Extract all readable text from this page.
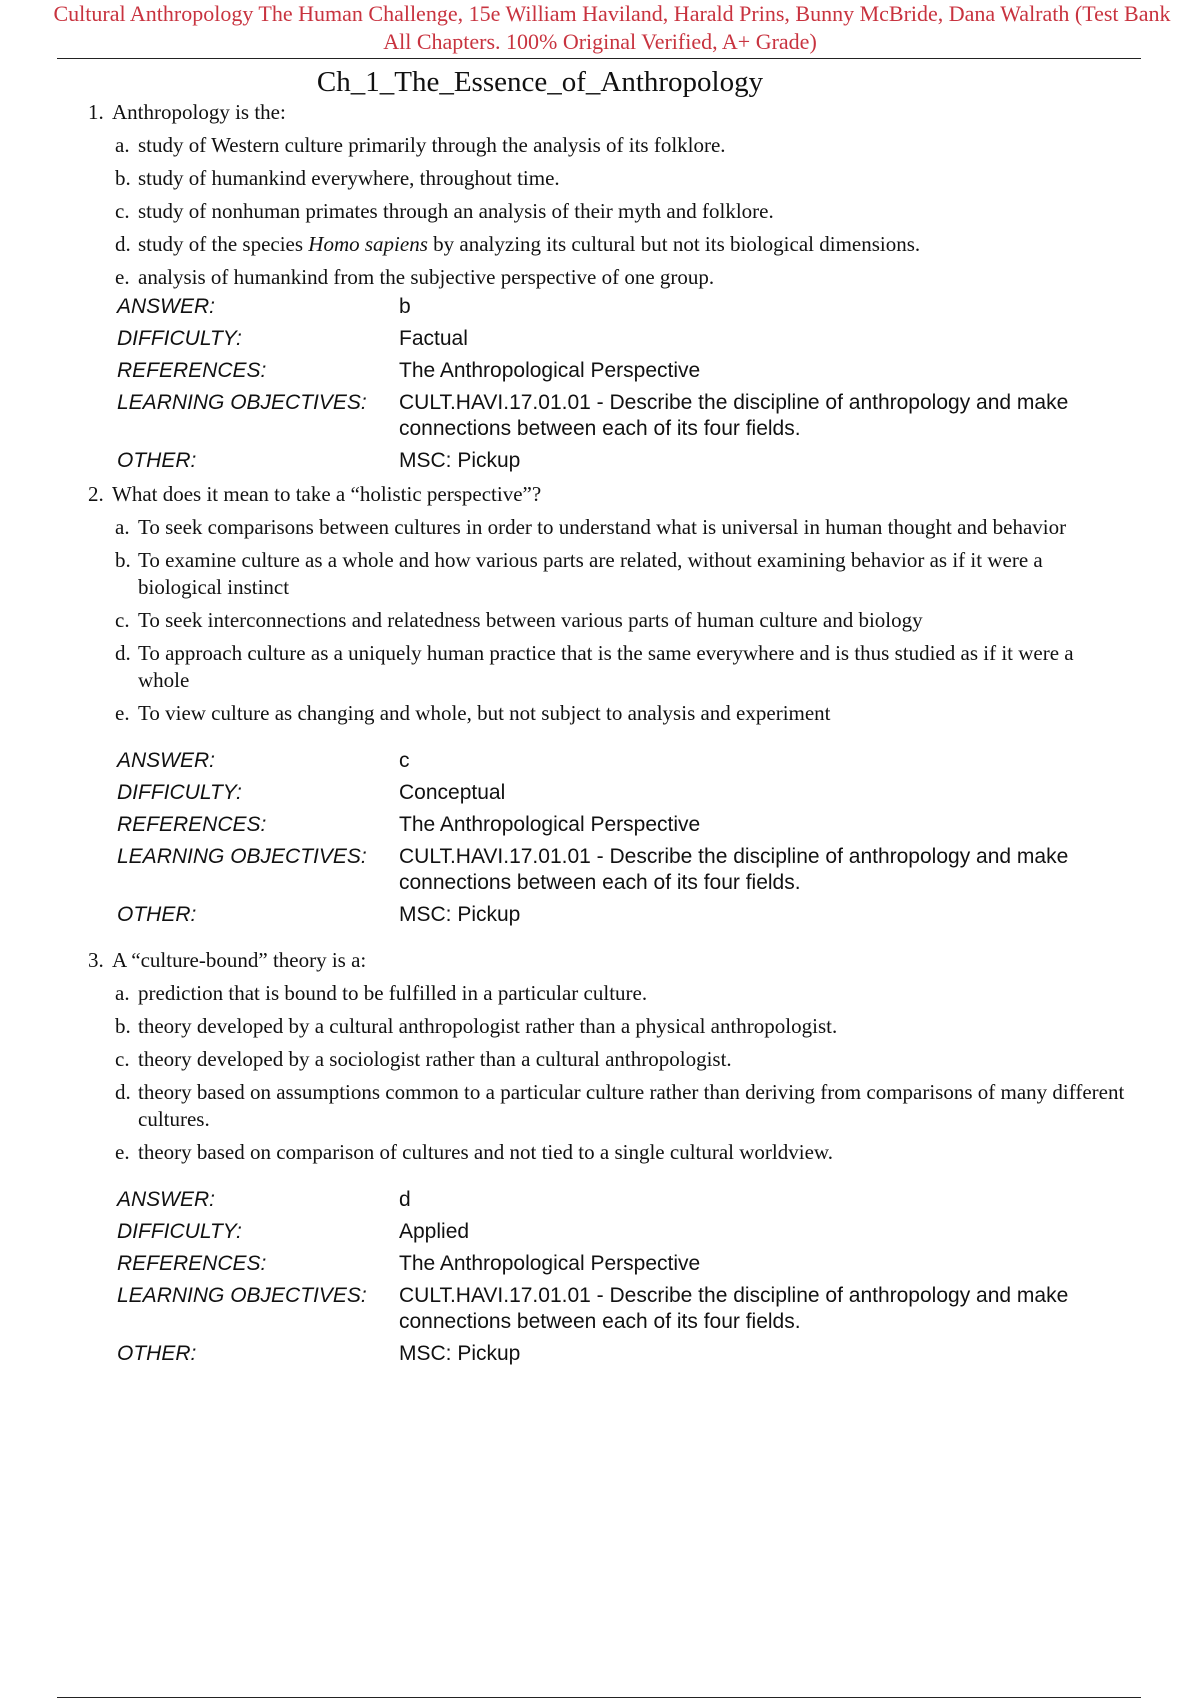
Cultural Anthropology The Human Challenge, 15e William Haviland, Harald Prins, Bunny McBride, Dana Walrath (Test Bank
All Chapters. 100% Original Verified, A+ Grade)
Ch_1_The_Essence_of_Anthropology

1. Anthropology is the:

a. study of Western culture primarily through the analysis of its folklore.
b. study of humankind everywhere, throughout time.
c. study of nonhuman primates through an analysis of their myth and folklore.
d. study of the species Homo sapiens by analyzing its cultural but not its biological dimensions.
e. analysis of humankind from the subjective perspective of one group.
ANSWER:	b
DIFFICULTY:	Factual
REFERENCES:	The Anthropological Perspective
LEARNING OBJECTIVES:	CULT.HAVI.17.01.01 - Describe the discipline of anthropology and make connections between each of its four fields.
OTHER:	MSC: Pickup

2. What does it mean to take a “holistic perspective”?

a. To seek comparisons between cultures in order to understand what is universal in human thought and behavior
b. To examine culture as a whole and how various parts are related, without examining behavior as if it were a biological instinct
c. To seek interconnections and relatedness between various parts of human culture and biology
d. To approach culture as a uniquely human practice that is the same everywhere and is thus studied as if it were a whole
e. To view culture as changing and whole, but not subject to analysis and experiment
ANSWER:	c
DIFFICULTY:	Conceptual
REFERENCES:	The Anthropological Perspective
LEARNING OBJECTIVES:	CULT.HAVI.17.01.01 - Describe the discipline of anthropology and make connections between each of its four fields.
OTHER:	MSC: Pickup

3. A “culture-bound” theory is a:

a. prediction that is bound to be fulfilled in a particular culture.
b. theory developed by a cultural anthropologist rather than a physical anthropologist.
c. theory developed by a sociologist rather than a cultural anthropologist.
d. theory based on assumptions common to a particular culture rather than deriving from comparisons of many different cultures.
e. theory based on comparison of cultures and not tied to a single cultural worldview.
ANSWER:	d
DIFFICULTY:	Applied
REFERENCES:	The Anthropological Perspective
LEARNING OBJECTIVES:	CULT.HAVI.17.01.01 - Describe the discipline of anthropology and make connections between each of its four fields.
OTHER:	MSC: Pickup
